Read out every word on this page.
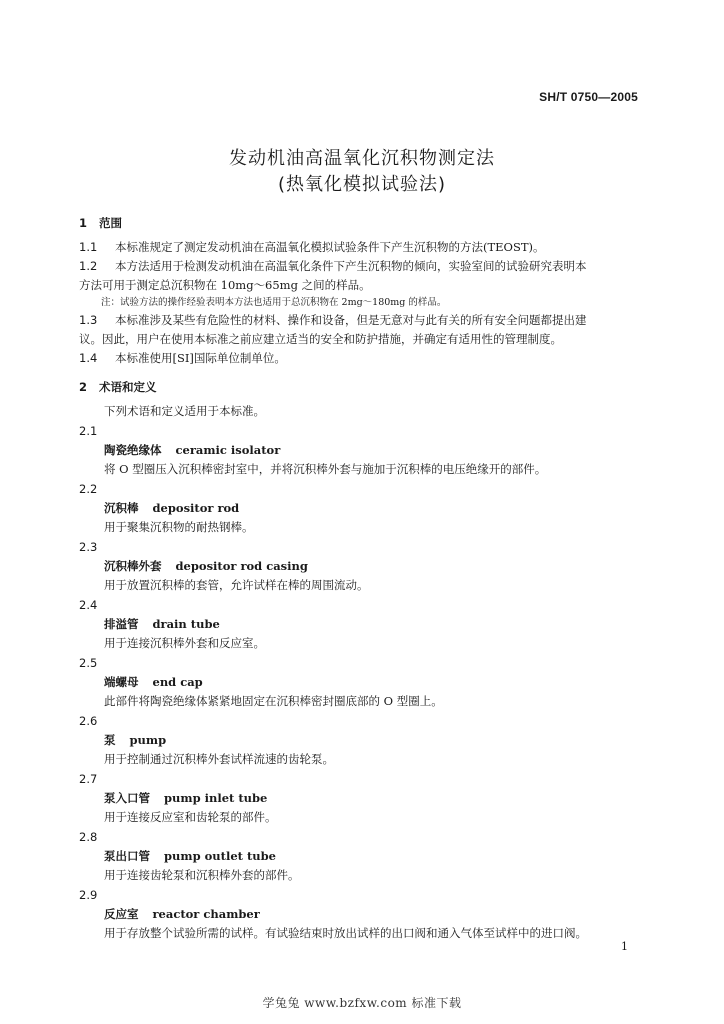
SH/T 0750—2005
发动机油高温氧化沉积物测定法
(热氧化模拟试验法)
1 范围
1.1 本标准规定了测定发动机油在高温氧化模拟试验条件下产生沉积物的方法(TEOST)。
1.2 本方法适用于检测发动机油在高温氧化条件下产生沉积物的倾向，实验室间的试验研究表明本
方法可用于测定总沉积物在 10mg～65mg 之间的样品。
注：试验方法的操作经验表明本方法也适用于总沉积物在 2mg～180mg 的样品。
1.3 本标准涉及某些有危险性的材料、操作和设备，但是无意对与此有关的所有安全问题都提出建
议。因此，用户在使用本标准之前应建立适当的安全和防护措施，并确定有适用性的管理制度。
1.4 本标准使用[SI]国际单位制单位。
2 术语和定义
下列术语和定义适用于本标准。
2.1
陶瓷绝缘体 ceramic isolator
将 O 型圈压入沉积棒密封室中，并将沉积棒外套与施加于沉积棒的电压绝缘开的部件。
2.2
沉积棒 depositor rod
用于聚集沉积物的耐热钢棒。
2.3
沉积棒外套 depositor rod casing
用于放置沉积棒的套管，允许试样在棒的周围流动。
2.4
排溢管 drain tube
用于连接沉积棒外套和反应室。
2.5
端螺母 end cap
此部件将陶瓷绝缘体紧紧地固定在沉积棒密封圈底部的 O 型圈上。
2.6
泵 pump
用于控制通过沉积棒外套试样流速的齿轮泵。
2.7
泵入口管 pump inlet tube
用于连接反应室和齿轮泵的部件。
2.8
泵出口管 pump outlet tube
用于连接齿轮泵和沉积棒外套的部件。
2.9
反应室 reactor chamber
用于存放整个试验所需的试样。有试验结束时放出试样的出口阀和通入气体至试样中的进口阀。
1
学兔兔 www.bzfxw.com 标准下载
